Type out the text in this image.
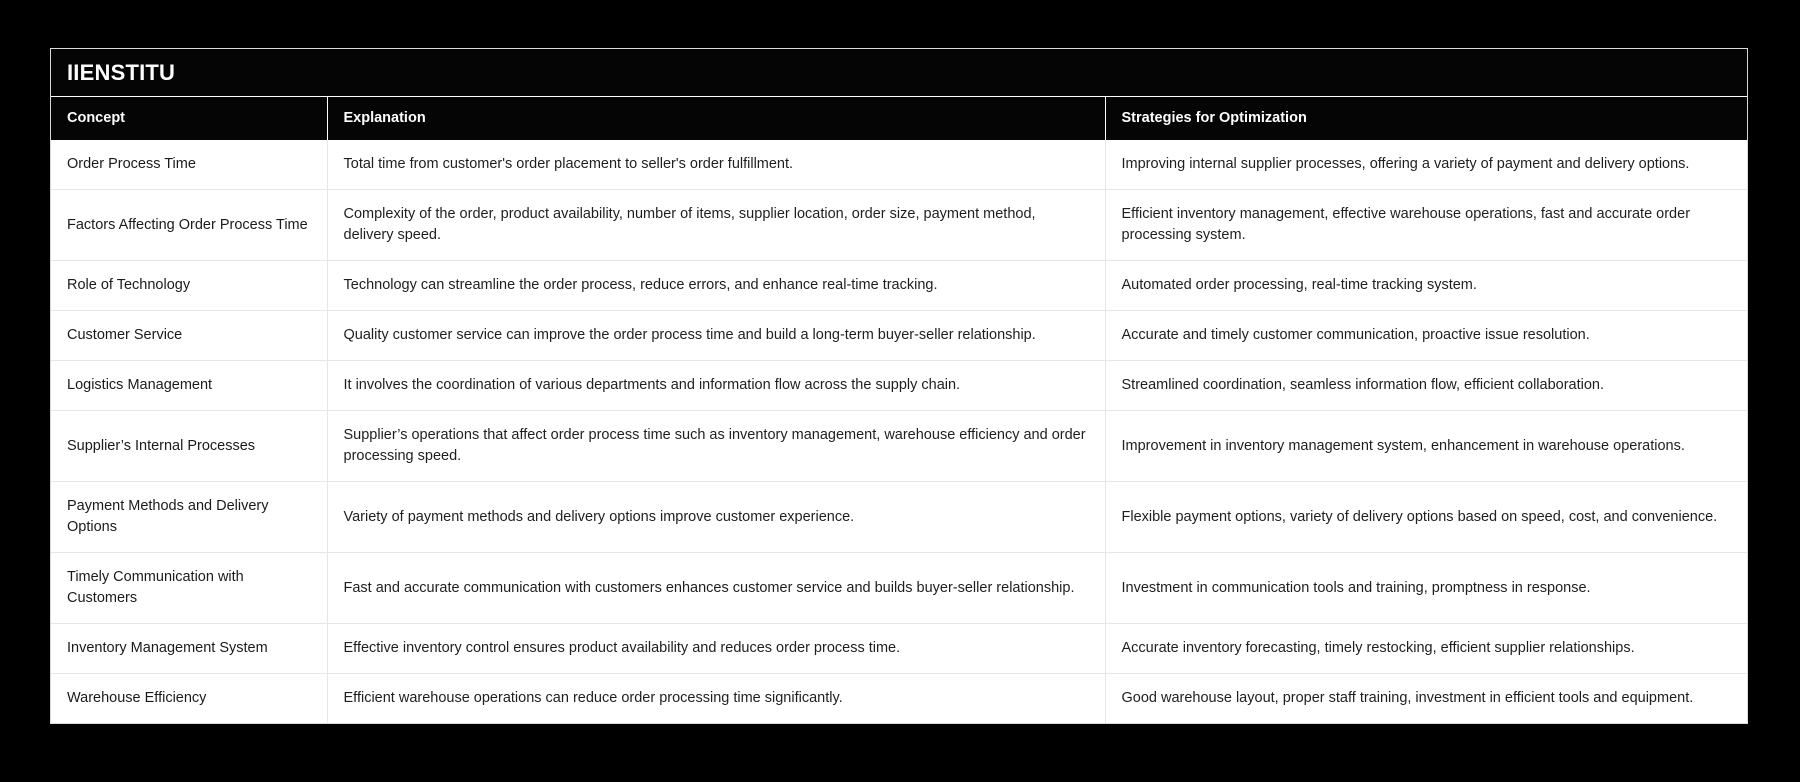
IIENSTITU
Concept	Explanation	Strategies for Optimization
Order Process Time	Total time from customer's order placement to seller's order fulfillment.	Improving internal supplier processes, offering a variety of payment and delivery options.
Factors Affecting Order Process Time	Complexity of the order, product availability, number of items, supplier location, order size, payment method, delivery speed.	Efficient inventory management, effective warehouse operations, fast and accurate order processing system.
Role of Technology	Technology can streamline the order process, reduce errors, and enhance real-time tracking.	Automated order processing, real-time tracking system.
Customer Service	Quality customer service can improve the order process time and build a long-term buyer-seller relationship.	Accurate and timely customer communication, proactive issue resolution.
Logistics Management	It involves the coordination of various departments and information flow across the supply chain.	Streamlined coordination, seamless information flow, efficient collaboration.
Supplier’s Internal Processes	Supplier’s operations that affect order process time such as inventory management, warehouse efficiency and order processing speed.	Improvement in inventory management system, enhancement in warehouse operations.
Payment Methods and Delivery Options	Variety of payment methods and delivery options improve customer experience.	Flexible payment options, variety of delivery options based on speed, cost, and convenience.
Timely Communication with Customers	Fast and accurate communication with customers enhances customer service and builds buyer-seller relationship.	Investment in communication tools and training, promptness in response.
Inventory Management System	Effective inventory control ensures product availability and reduces order process time.	Accurate inventory forecasting, timely restocking, efficient supplier relationships.
Warehouse Efficiency	Efficient warehouse operations can reduce order processing time significantly.	Good warehouse layout, proper staff training, investment in efficient tools and equipment.
